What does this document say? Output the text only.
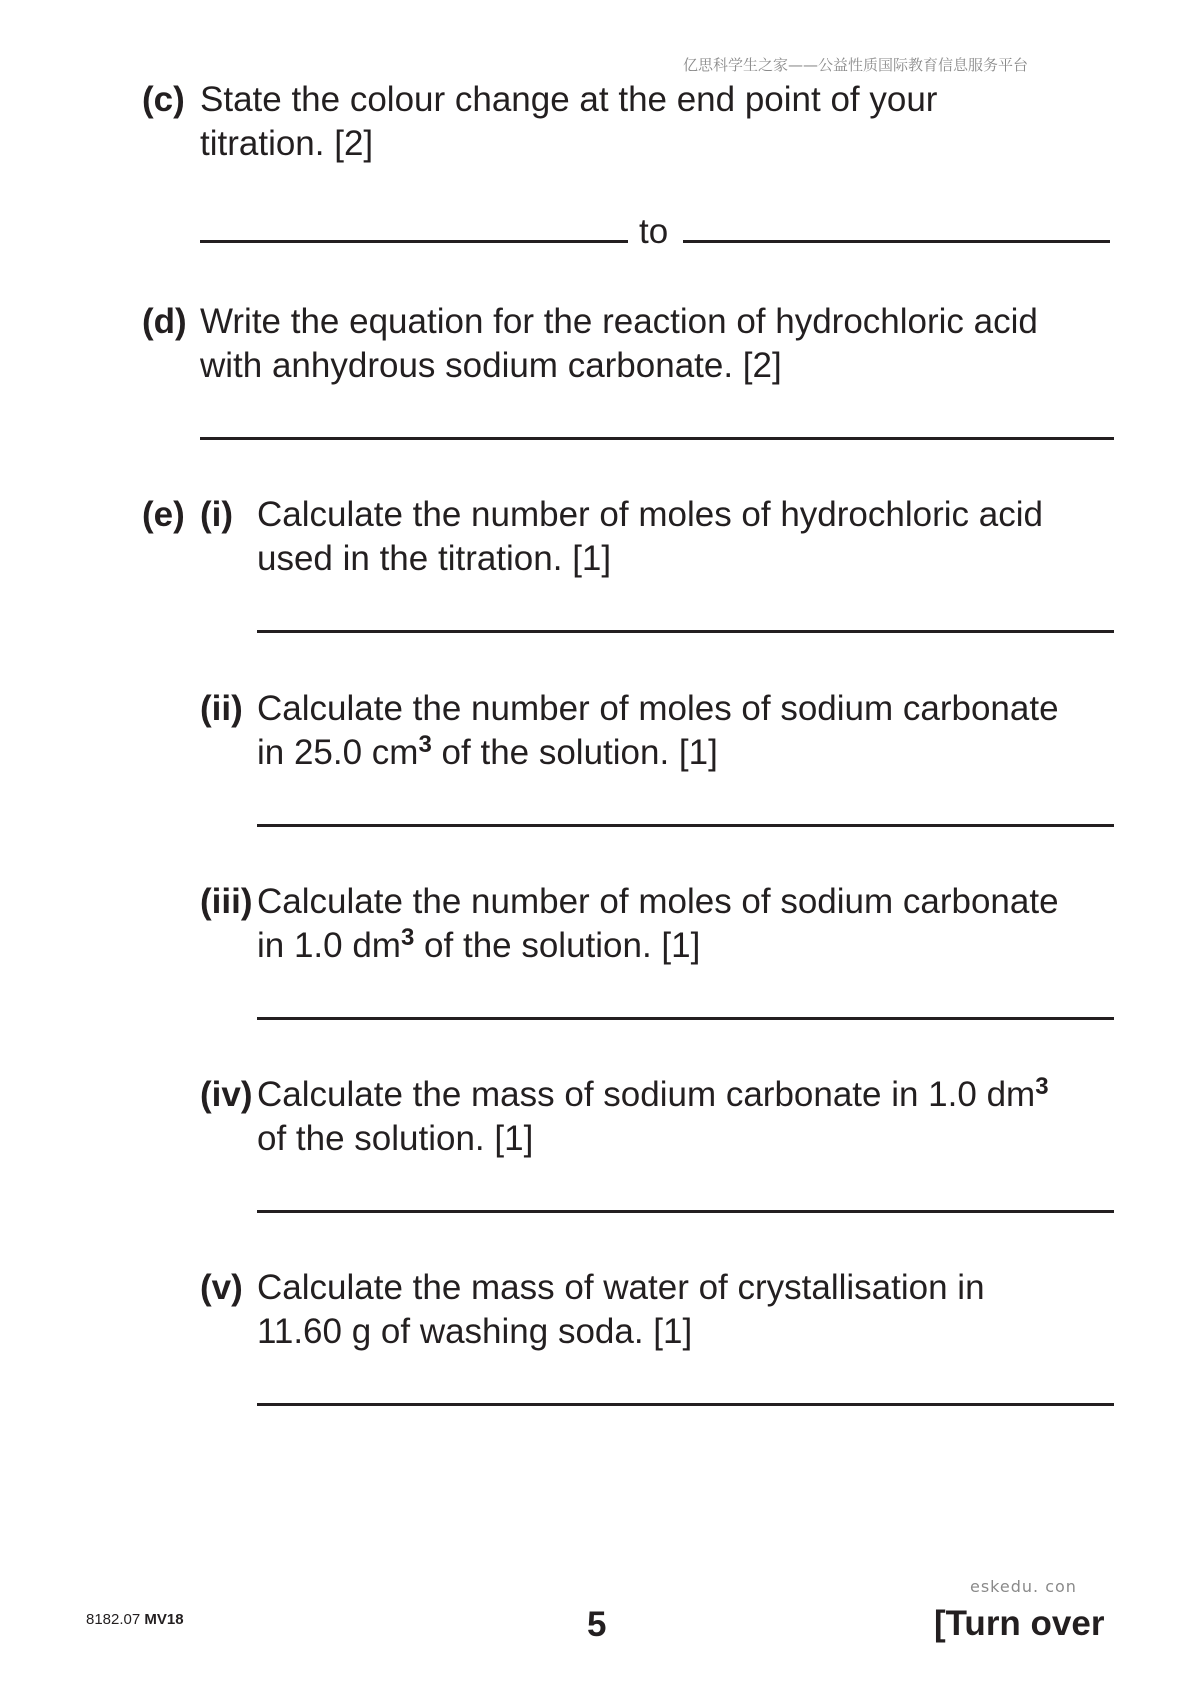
亿思科学生之家——公益性质国际教育信息服务平台
(c) State the colour change at the end point of your
titration. [2]
to
(d) Write the equation for the reaction of hydrochloric acid
with anhydrous sodium carbonate. [2]
(e) (i) Calculate the number of moles of hydrochloric acid
used in the titration. [1]
(ii) Calculate the number of moles of sodium carbonate
in 25.0 $cm^3$ of the solution. [1]
(iii) Calculate the number of moles of sodium carbonate
in 1.0 $dm^3$ of the solution. [1]
(iv) Calculate the mass of sodium carbonate in 1.0 $dm^3$
of the solution. [1]
(v) Calculate the mass of water of crystallisation in
11.60 g of washing soda. [1]
eskedu. con
8182.07 MV18	5	[Turn over
